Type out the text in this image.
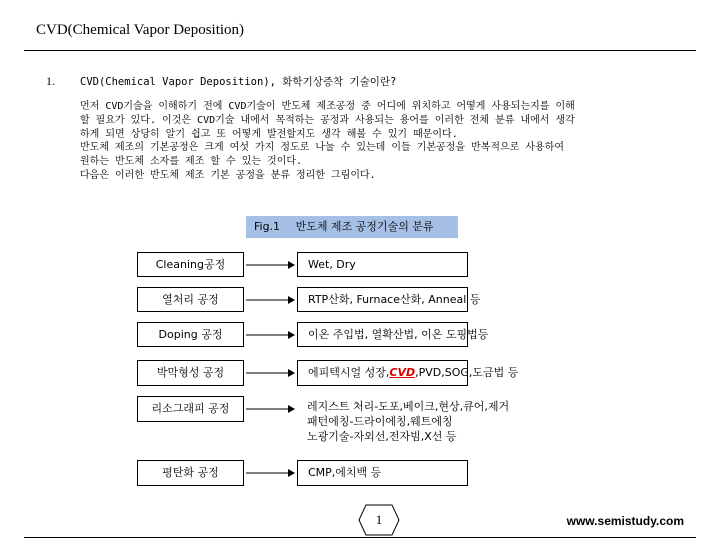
CVD(Chemical Vapor Deposition)
1. CVD(Chemical Vapor Deposition), 화학기상증착 기술이란?

먼저 CVD기술을 이해하기 전에 CVD기술이 반도체 제조공정 중 어디에 위치하고 어떻게 사용되는지를 이해
할 필요가 있다. 이것은 CVD기술 내에서 목적하는 공정과 사용되는 용어를 이러한 전체 분류 내에서 생각
하게 되면 상당히 알기 쉽고 또 어떻게 발전할지도 생각 해볼 수 있기 때문이다.
반도체 제조의 기본공정은 크게 여섯 가지 정도로 나눌 수 있는데 이들 기본공정을 반복적으로 사용하여
원하는 반도체 소자를 제조 할 수 있는 것이다.
다음은 이러한 반도체 제조 기본 공정을 분류 정리한 그림이다.

Fig.1 반도체 제조 공정기술의 분류
Cleaning공정	Wet, Dry
열처리 공정	RTP산화, Furnace산화, Anneal 등
Doping 공정	이온 주입법, 열확산법, 이온 도핑법등
박막형성 공정	에피텍시얼 성장,CVD,PVD,SOG,도금법 등
리소그래피 공정	레지스트 처리-도포,베이크,현상,큐어,제거
패턴에칭-드라이에칭,웨트에칭
노광기술-자외선,전자빔,X선 등
평탄화 공정	CMP,에치백 등
1	www.semistudy.com
